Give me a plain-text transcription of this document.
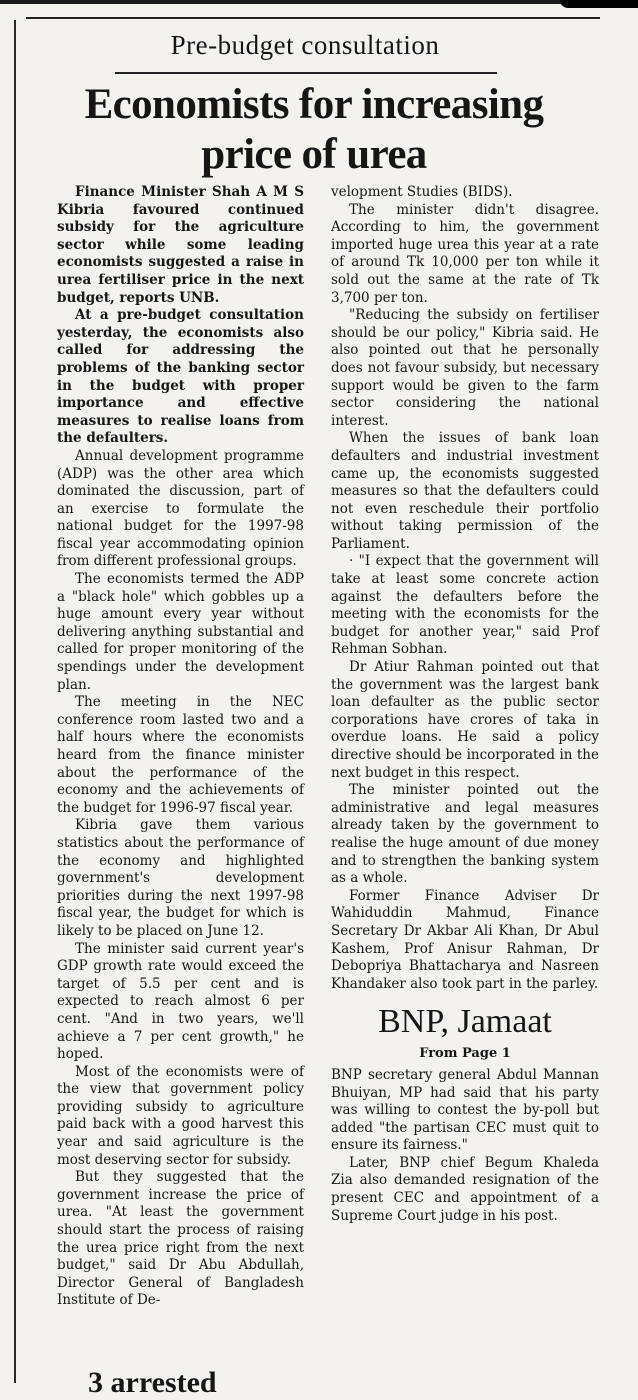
Pre-budget consultation
Economists for increasing
price of urea

Finance Minister Shah A M S Kibria favoured continued subsidy for the agriculture sector while some leading economists suggested a raise in urea fertiliser price in the next budget, reports UNB.

At a pre-budget consultation yesterday, the economists also called for addressing the problems of the banking sector in the budget with proper importance and effective measures to realise loans from the defaulters.

Annual development programme (ADP) was the other area which dominated the discussion, part of an exercise to formulate the national budget for the 1997-98 fiscal year accommodating opinion from different professional groups.

The economists termed the ADP a "black hole" which gobbles up a huge amount every year without delivering anything substantial and called for proper monitoring of the spendings under the development plan.

The meeting in the NEC conference room lasted two and a half hours where the economists heard from the finance minister about the performance of the economy and the achievements of the budget for 1996-97 fiscal year.

Kibria gave them various statistics about the performance of the economy and highlighted government's development priorities during the next 1997-98 fiscal year, the budget for which is likely to be placed on June 12.

The minister said current year's GDP growth rate would exceed the target of 5.5 per cent and is expected to reach almost 6 per cent. "And in two years, we'll achieve a 7 per cent growth," he hoped.

Most of the economists were of the view that government policy providing subsidy to agriculture paid back with a good harvest this year and said agriculture is the most deserving sector for subsidy.

But they suggested that the government increase the price of urea. "At least the government should start the process of raising the urea price right from the next budget," said Dr Abu Abdullah, Director General of Bangladesh Institute of De-

velopment Studies (BIDS).

The minister didn't disagree. According to him, the government imported huge urea this year at a rate of around Tk 10,000 per ton while it sold out the same at the rate of Tk 3,700 per ton.

"Reducing the subsidy on fertiliser should be our policy," Kibria said. He also pointed out that he personally does not favour subsidy, but necessary support would be given to the farm sector considering the national interest.

When the issues of bank loan defaulters and industrial investment came up, the economists suggested measures so that the defaulters could not even reschedule their portfolio without taking permission of the Parliament.

· "I expect that the government will take at least some concrete action against the defaulters before the meeting with the economists for the budget for another year," said Prof Rehman Sobhan.

Dr Atiur Rahman pointed out that the government was the largest bank loan defaulter as the public sector corporations have crores of taka in overdue loans. He said a policy directive should be incorporated in the next budget in this respect.

The minister pointed out the administrative and legal measures already taken by the government to realise the huge amount of due money and to strengthen the banking system as a whole.

Former Finance Adviser Dr Wahiduddin Mahmud, Finance Secretary Dr Akbar Ali Khan, Dr Abul Kashem, Prof Anisur Rahman, Dr Debopriya Bhattacharya and Nasreen Khandaker also took part in the parley.

BNP, Jamaat
From Page 1

BNP secretary general Abdul Mannan Bhuiyan, MP had said that his party was willing to contest the by-poll but added "the partisan CEC must quit to ensure its fairness."

Later, BNP chief Begum Khaleda Zia also demanded resignation of the present CEC and appointment of a Supreme Court judge in his post.

3 arrested
